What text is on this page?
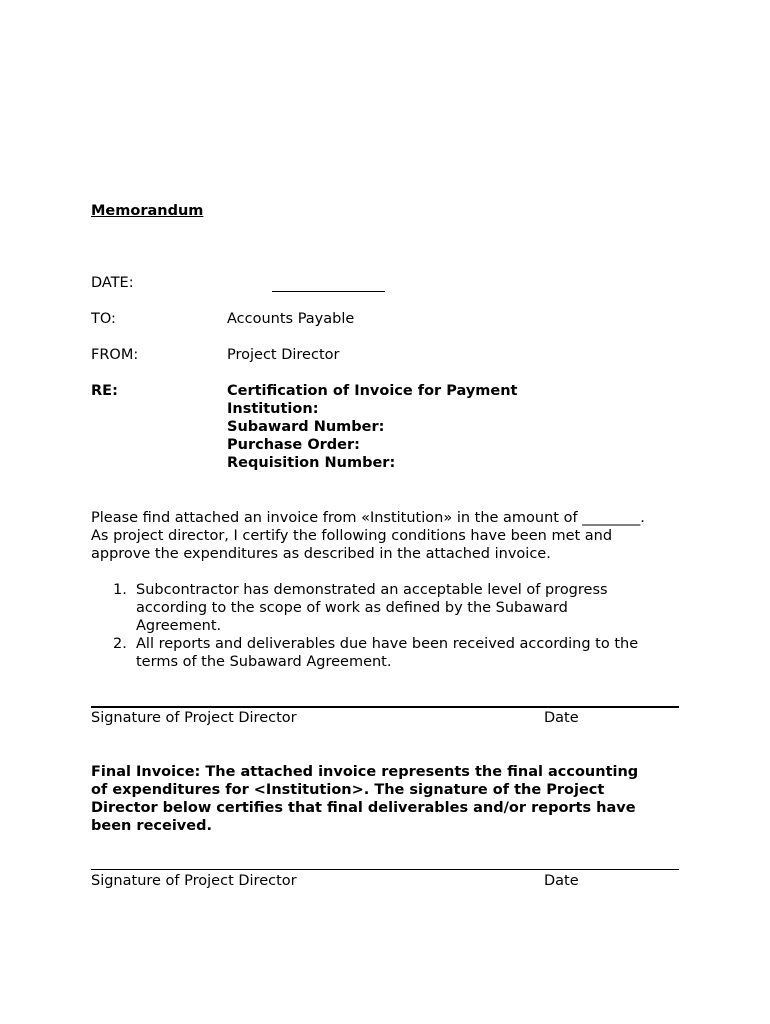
Memorandum
DATE:
TO:	Accounts Payable
FROM:	Project Director
RE:	Certification of Invoice for Payment
Institution:
Subaward Number:
Purchase Order:
Requisition Number:
Please find attached an invoice from «Institution» in the amount of ________.
As project director, I certify the following conditions have been met and
approve the expenditures as described in the attached invoice.
1. Subcontractor has demonstrated an acceptable level of progress
according to the scope of work as defined by the Subaward
Agreement.
2. All reports and deliverables due have been received according to the
terms of the Subaward Agreement.
Signature of Project Director	Date
Final Invoice: The attached invoice represents the final accounting
of expenditures for <Institution>. The signature of the Project
Director below certifies that final deliverables and/or reports have
been received.
Signature of Project Director	Date
